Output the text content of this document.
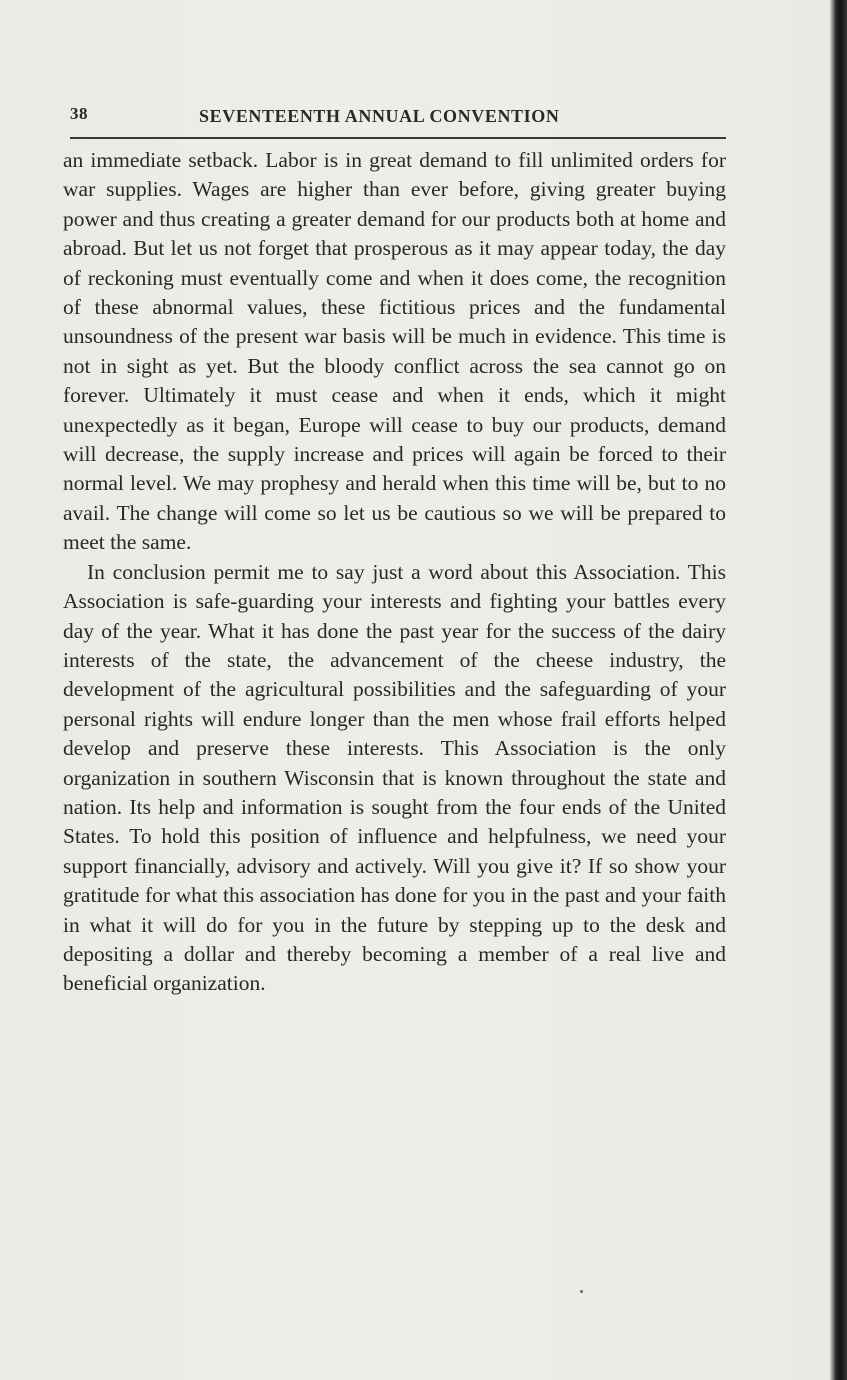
38	SEVENTEENTH ANNUAL CONVENTION

an immediate setback. Labor is in great demand to fill unlimited orders for war supplies. Wages are higher than ever before, giving greater buying power and thus creating a greater demand for our products both at home and abroad. But let us not forget that prosperous as it may appear today, the day of reckoning must eventually come and when it does come, the recognition of these abnormal values, these fictitious prices and the fundamental unsoundness of the present war basis will be much in evidence. This time is not in sight as yet. But the bloody conflict across the sea cannot go on forever. Ultimately it must cease and when it ends, which it might unexpectedly as it began, Europe will cease to buy our products, demand will decrease, the supply increase and prices will again be forced to their normal level. We may prophesy and herald when this time will be, but to no avail. The change will come so let us be cautious so we will be prepared to meet the same.

In conclusion permit me to say just a word about this Association. This Association is safe-guarding your interests and fighting your battles every day of the year. What it has done the past year for the success of the dairy interests of the state, the advancement of the cheese industry, the development of the agricultural possibilities and the safeguarding of your personal rights will endure longer than the men whose frail efforts helped develop and preserve these interests. This Association is the only organization in southern Wisconsin that is known throughout the state and nation. Its help and information is sought from the four ends of the United States. To hold this position of influence and helpfulness, we need your support financially, advisory and actively. Will you give it? If so show your gratitude for what this association has done for you in the past and your faith in what it will do for you in the future by stepping up to the desk and depositing a dollar and thereby becoming a member of a real live and beneficial organization.
